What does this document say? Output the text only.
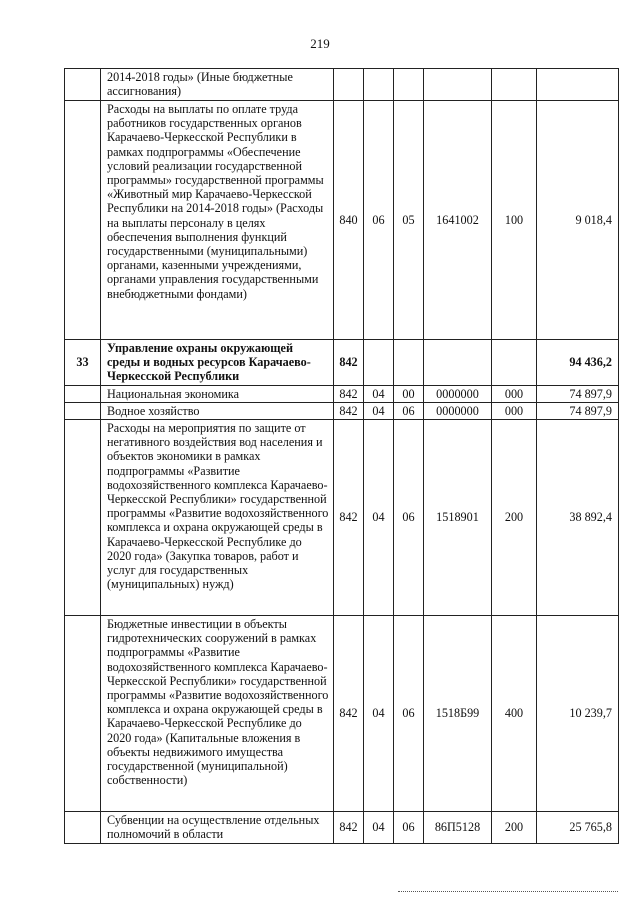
219
	2014-2018 годы» (Иные бюджетные ассигнования)						
	Расходы на выплаты по оплате труда работников государственных органов Карачаево-Черкесской Республики в рамках подпрограммы «Обеспечение условий реализации государственной программы» государственной программы «Животный мир Карачаево-Черкесской Республики на 2014-2018 годы» (Расходы на выплаты персоналу в целях обеспечения выполнения функций государственными (муниципальными) органами, казенными учреждениями, органами управления государственными внебюджетными фондами)	840	06	05	1641002	100	9 018,4
33	Управление охраны окружающей среды и водных ресурсов Карачаево-Черкесской Республики	842					94 436,2
	Национальная экономика	842	04	00	0000000	000	74 897,9
	Водное хозяйство	842	04	06	0000000	000	74 897,9
	Расходы на мероприятия по защите от негативного воздействия вод населения и объектов экономики в рамках подпрограммы «Развитие водохозяйственного комплекса Карачаево-Черкесской Республики» государственной программы «Развитие водохозяйственного комплекса и охрана окружающей среды в Карачаево-Черкесской Республике до 2020 года» (Закупка товаров, работ и услуг для государственных (муниципальных) нужд)	842	04	06	1518901	200	38 892,4
	Бюджетные инвестиции в объекты гидротехнических сооружений в рамках подпрограммы «Развитие водохозяйственного комплекса Карачаево-Черкесской Республики» государственной программы «Развитие водохозяйственного комплекса и охрана окружающей среды в Карачаево-Черкесской Республике до 2020 года» (Капитальные вложения в объекты недвижимого имущества государственной (муниципальной) собственности)	842	04	06	1518Б99	400	10 239,7
	Субвенции на осуществление отдельных полномочий в области	842	04	06	86П5128	200	25 765,8
